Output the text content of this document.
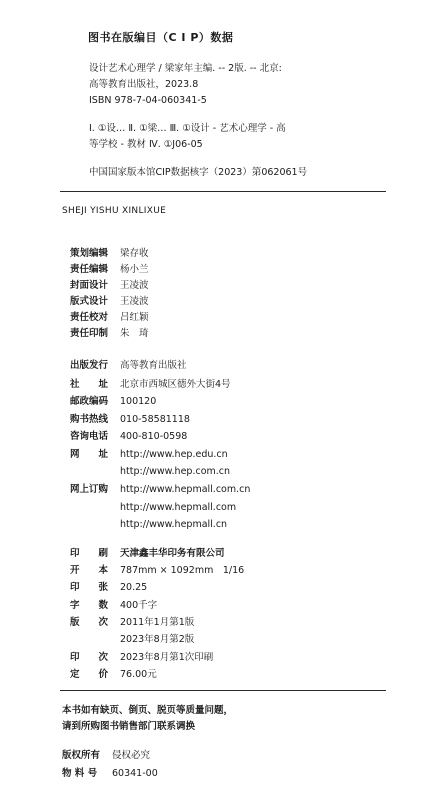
图书在版编目（C I P）数据
设计艺术心理学 / 梁家年主编. -- 2版. -- 北京:
高等教育出版社，2023.8
ISBN 978-7-04-060341-5
Ⅰ. ①设… Ⅱ. ①梁… Ⅲ. ①设计 - 艺术心理学 - 高
等学校 - 教材 Ⅳ. ①J06-05
中国国家版本馆CIP数据核字（2023）第062061号
SHEJI YISHU XINLIXUE
策划编辑 梁存收
责任编辑 杨小兰
封面设计 王凌波
版式设计 王凌波
责任校对 吕红颖
责任印制 朱　琦
出版发行 高等教育出版社
社　　址 北京市西城区德外大街4号
邮政编码 100120
购书热线 010-58581118
咨询电话 400-810-0598
网　　址 http://www.hep.edu.cn
http://www.hep.com.cn
网上订购 http://www.hepmall.com.cn
http://www.hepmall.com
http://www.hepmall.cn
印　　刷 天津鑫丰华印务有限公司
开　　本 787mm × 1092mm　1/16
印　　张 20.25
字　　数 400千字
版　　次 2011年1月第1版
2023年8月第2版
印　　次 2023年8月第1次印刷
定　　价 76.00元
本书如有缺页、倒页、脱页等质量问题，
请到所购图书销售部门联系调换
版权所有 侵权必究
物 料 号 60341-00
